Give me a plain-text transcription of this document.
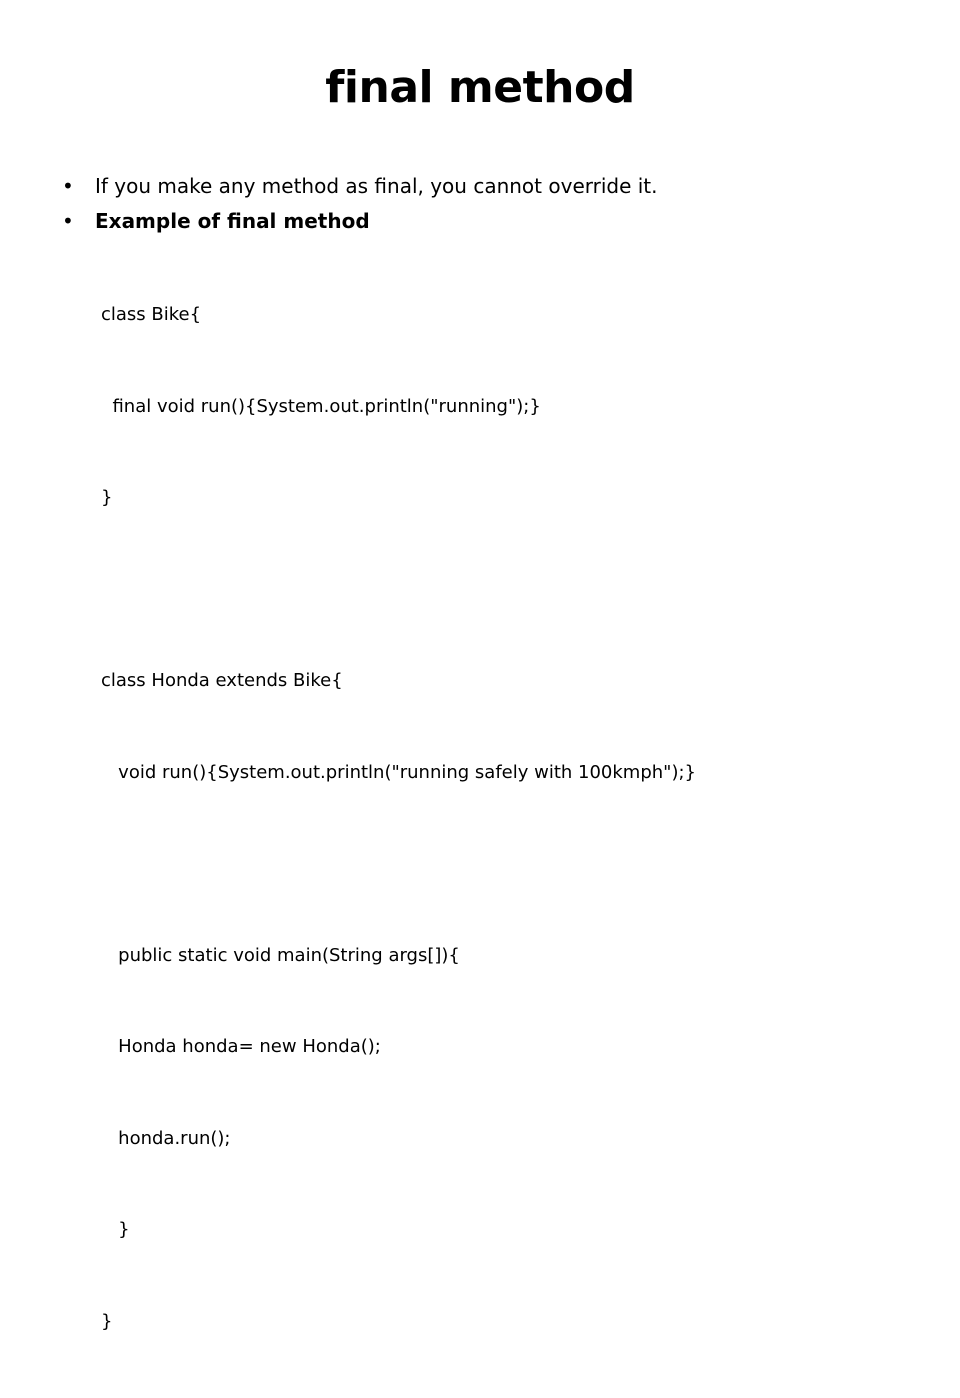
final method
• If you make any method as final, you cannot override it.
• Example of final method

class Bike{

final void run(){System.out.println("running");}

}

class Honda extends Bike{

void run(){System.out.println("running safely with 100kmph");}

public static void main(String args[]){

Honda honda= new Honda();

honda.run();

}

}
